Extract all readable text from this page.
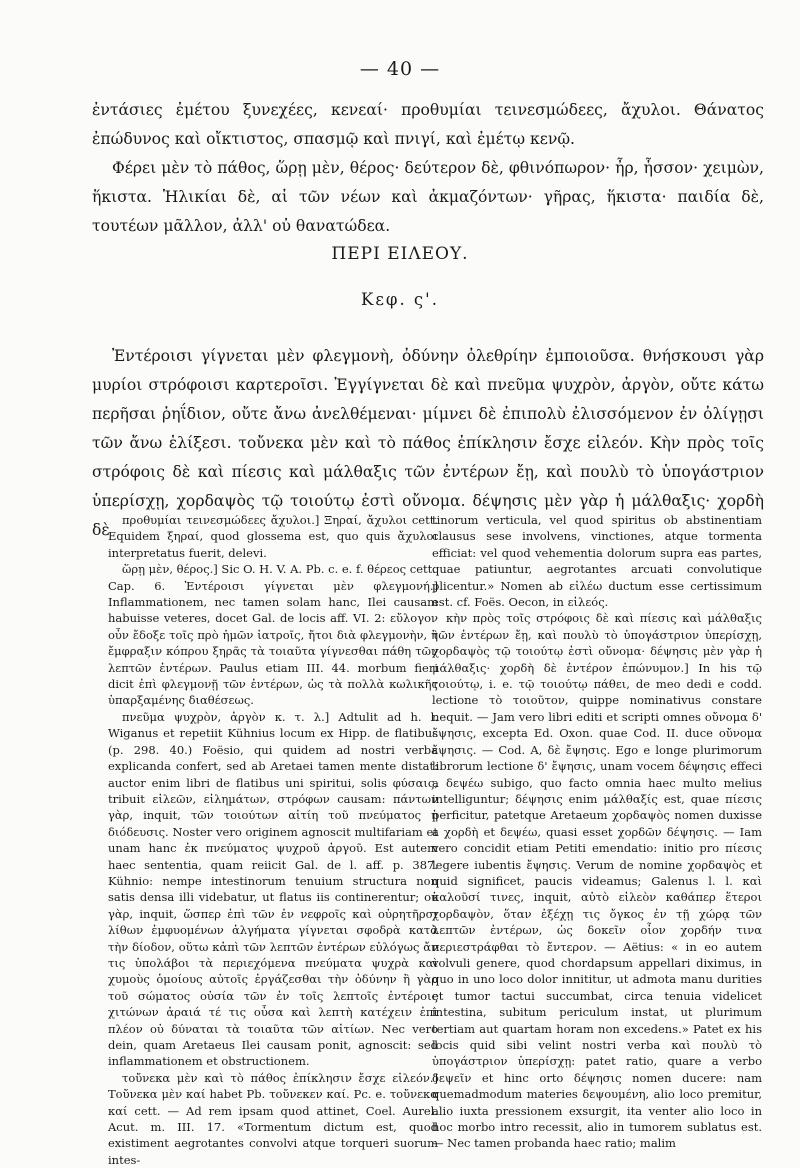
— 40 —

ἐντάσιες ἐμέτου ξυνεχέες, κενεαί· προθυμίαι τεινεσμώδεες, ἄχυλοι. Θάνατος ἐπώδυνος καὶ οἴκτιστος, σπασμῷ καὶ πνιγί, καὶ ἐμέτῳ κενῷ.

Φέρει μὲν τὸ πάθος, ὥρῃ μὲν, θέρος· δεύτερον δὲ, φθινόπωρον· ἦρ, ἧσσον· χειμὼν, ἥκιστα. Ἡλικίαι δὲ, αἱ τῶν νέων καὶ ἀκμαζόντων· γῆρας, ἥκιστα· παιδία δὲ, τουτέων μᾶλλον, ἀλλ' οὐ θανατώδεα.

ΠΕΡΙ ΕΙΛΕΟΥ.
Κεφ. ς'.

Ἐντέροισι γίγνεται μὲν φλεγμονὴ, ὀδύνην ὀλεθρίην ἐμποιοῦσα. θνήσκουσι γὰρ μυρίοι στρόφοισι καρτεροῖσι. Ἐγγίγνεται δὲ καὶ πνεῦμα ψυχρὸν, ἀργὸν, οὔτε κάτω περῆσαι ῥηΐδιον, οὔτε ἄνω ἀνελθέμεναι· μίμνει δὲ ἐπιπολὺ ἐλισσόμενον ἐν ὀλίγῃσι τῶν ἄνω ἑλίξεσι. τοὔνεκα μὲν καὶ τὸ πάθος ἐπίκλησιν ἔσχε εἰλεόν. Κὴν πρὸς τοῖς στρόφοις δὲ καὶ πίεσις καὶ μάλθαξις τῶν ἐντέρων ἔῃ, καὶ πουλὺ τὸ ὑπογάστριον ὑπερίσχῃ, χορδαψὸς τῷ τοιούτῳ ἐστὶ οὔνομα. δέψησις μὲν γὰρ ἡ μάλθαξις· χορδὴ δὲ

προθυμίαι τεινεσμώδεες ἄχυλοι.] Ξηραί, ἄχυλοι cett. Equidem ξηραί, quod glossema est, quo quis ἄχυλοι interpretatus fuerit, delevi.

ὥρῃ μὲν, θέρος.] Sic O. H. V. A. Pb. c. e. f. θέρεος cett.

Cap. 6. Ἐντέροισι γίγνεται μὲν φλεγμονή.] Inflammationem, nec tamen solam hanc, Ilei causam habuisse veteres, docet Gal. de locis aff. VI. 2: εὔλογον οὖν ἔδοξε τοῖς πρὸ ἡμῶν ἰατροῖς, ἤτοι διὰ φλεγμονὴν, ἢ ἔμφραξιν κόπρου ξηρᾶς τὰ τοιαῦτα γίγνεσθαι πάθη τῶν λεπτῶν ἐντέρων. Paulus etiam III. 44. morbum fieri dicit ἐπὶ φλεγμονῇ τῶν ἐντέρων, ὡς τὰ πολλὰ κωλικῆς ὑπαρξαμένης διαθέσεως.

πνεῦμα ψυχρὸν, ἀργὸν κ. τ. λ.] Adtulit ad h. l. Wiganus et repetiit Kühnius locum ex Hipp. de flatibus (p. 298. 40.) Foësio, qui quidem ad nostri verba explicanda confert, sed ab Aretaei tamen mente distat: auctor enim libri de flatibus uni spiritui, solis φύσαις, tribuit εἰλεῶν, εἰληµάτων, στρόφων causam: πάντων γὰρ, inquit, τῶν τοιούτων αἰτίη τοῦ πνεύματος ἡ διόδευσις. Noster vero originem agnoscit multifariam et unam hanc ἐκ πνεύματος ψυχροῦ ἀργοῦ. Est autem haec sententia, quam reiicit Gal. de l. aff. p. 387. Kühnio: nempe intestinorum tenuium structura non satis densa illi videbatur, ut flatus iis continerentur; οὐ γὰρ, inquit, ὥσπερ ἐπὶ τῶν ἐν νεφροῖς καὶ οὐρητῆρσι λίθων ἐμφυομένων ἀλγήματα γίγνεται σφοδρὰ κατὰ τὴν δίοδον, οὕτω κἀπὶ τῶν λεπτῶν ἐντέρων εὐλόγως ἄν τις ὑπολάβοι τὰ περιεχόμενα πνεύματα ψυχρὰ καὶ χυμοὺς ὁμοίους αὐτοῖς ἐργάζεσθαι τὴν ὀδύνην ἢ γὰρ τοῦ σώματος οὐσία τῶν ἐν τοῖς λεπτοῖς ἐντέροις χιτώνων ἀραιά τέ τις οὖσα καὶ λεπτὴ κατέχειν ἐπὶ πλέον οὐ δύναται τὰ τοιαῦτα τῶν αἰτίων. Nec vero dein, quam Aretaeus Ilei causam ponit, agnoscit: sed inflammationem et obstructionem.

τοὔνεκα μὲν καὶ τὸ πάθος ἐπίκλησιν ἔσχε εἰλεόν.] Τοὔνεκα μὲν καί habet Pb. τοὔνεκεν καί. Pc. e. τοὔνεκα καί cett. — Ad rem ipsam quod attinet, Coel. Aurel. Acut. m. III. 17. «Tormentum dictum est, quod existiment aegrotantes convolvi atque torqueri suorum intes-

tinorum verticula, vel quod spiritus ob abstinentiam clausus sese involvens, vinctiones, atque tormenta efficiat: vel quod vehementia dolorum supra eas partes, quae patiuntur, aegrotantes arcuati convolutique plicentur.» Nomen ab εἰλέω ductum esse certissimum est. cf. Foës. Oecon, in εἰλεός.

κὴν πρὸς τοῖς στρόφοις δὲ καὶ πίεσις καὶ μάλθαξις τῶν ἐντέρων ἔῃ, καὶ πουλὺ τὸ ὑπογάστριον ὑπερίσχῃ, χορδαψὸς τῷ τοιούτῳ ἐστὶ οὔνομα· δέψησις μὲν γὰρ ἡ μάλθαξις· χορδὴ δὲ ἐντέρον ἐπώνυμον.] In his τῷ τοιούτῳ, i. e. τῷ τοιούτῳ πάθει, de meo dedi e codd. lectione τὸ τοιοῦτον, quippe nominativus constare nequit. — Jam vero libri editi et scripti omnes οὔνομα δ' ἔψησις, excepta Ed. Oxon. quae Cod. II. duce οὔνομα ἔψησις. — Cod. A, δὲ ἔψησις. Ego e longe plurimorum librorum lectione δ' ἔψησις, unam vocem δέψησις effeci a δεψέω subigo, quo facto omnia haec multo melius intelliguntur; δέψησις enim μάλθαξίς est, quae πίεσις perficitur, patetque Aretaeum χορδαψὸς nomen duxisse a χορδὴ et δεψέω, quasi esset χορδῶν δέψησις. — Iam vero concidit etiam Petiti emendatio: initio pro πίεσις legere iubentis ἔψησις. Verum de nomine χορδαψὸς et quid significet, paucis videamus; Galenus l. l. καὶ καλοῦσί τινες, inquit, αὐτὸ εἰλεὸν καθάπερ ἕτεροι χορδαψὸν, ὅταν ἐξέχῃ τις ὄγκος ἐν τῇ χώρᾳ τῶν λεπτῶν ἐντέρων, ὡς δοκεῖν οἷον χορδήν τινα περιεστράφθαι τὸ ἔντερον. — Aëtius: « in eo autem volvuli genere, quod chordapsum appellari diximus, in quo in uno loco dolor innititur, ut admota manu durities et tumor tactui succumbat, circa tenuia videlicet intestina, subitum periculum instat, ut plurimum tertiam aut quartam horam non excedens.» Patet ex his locis quid sibi velint nostri verba καὶ πουλὺ τὸ ὑπογάστριον ὑπερίσχῃ: patet ratio, quare a verbo δεψεῖν et hinc orto δέψησις nomen ducere: nam quemadmodum materies δεψουμένη, alio loco premitur, alio iuxta pressionem exsurgit, ita venter alio loco in hoc morbo intro recessit, alio in tumorem sublatus est. — Nec tamen probanda haec ratio; malim
